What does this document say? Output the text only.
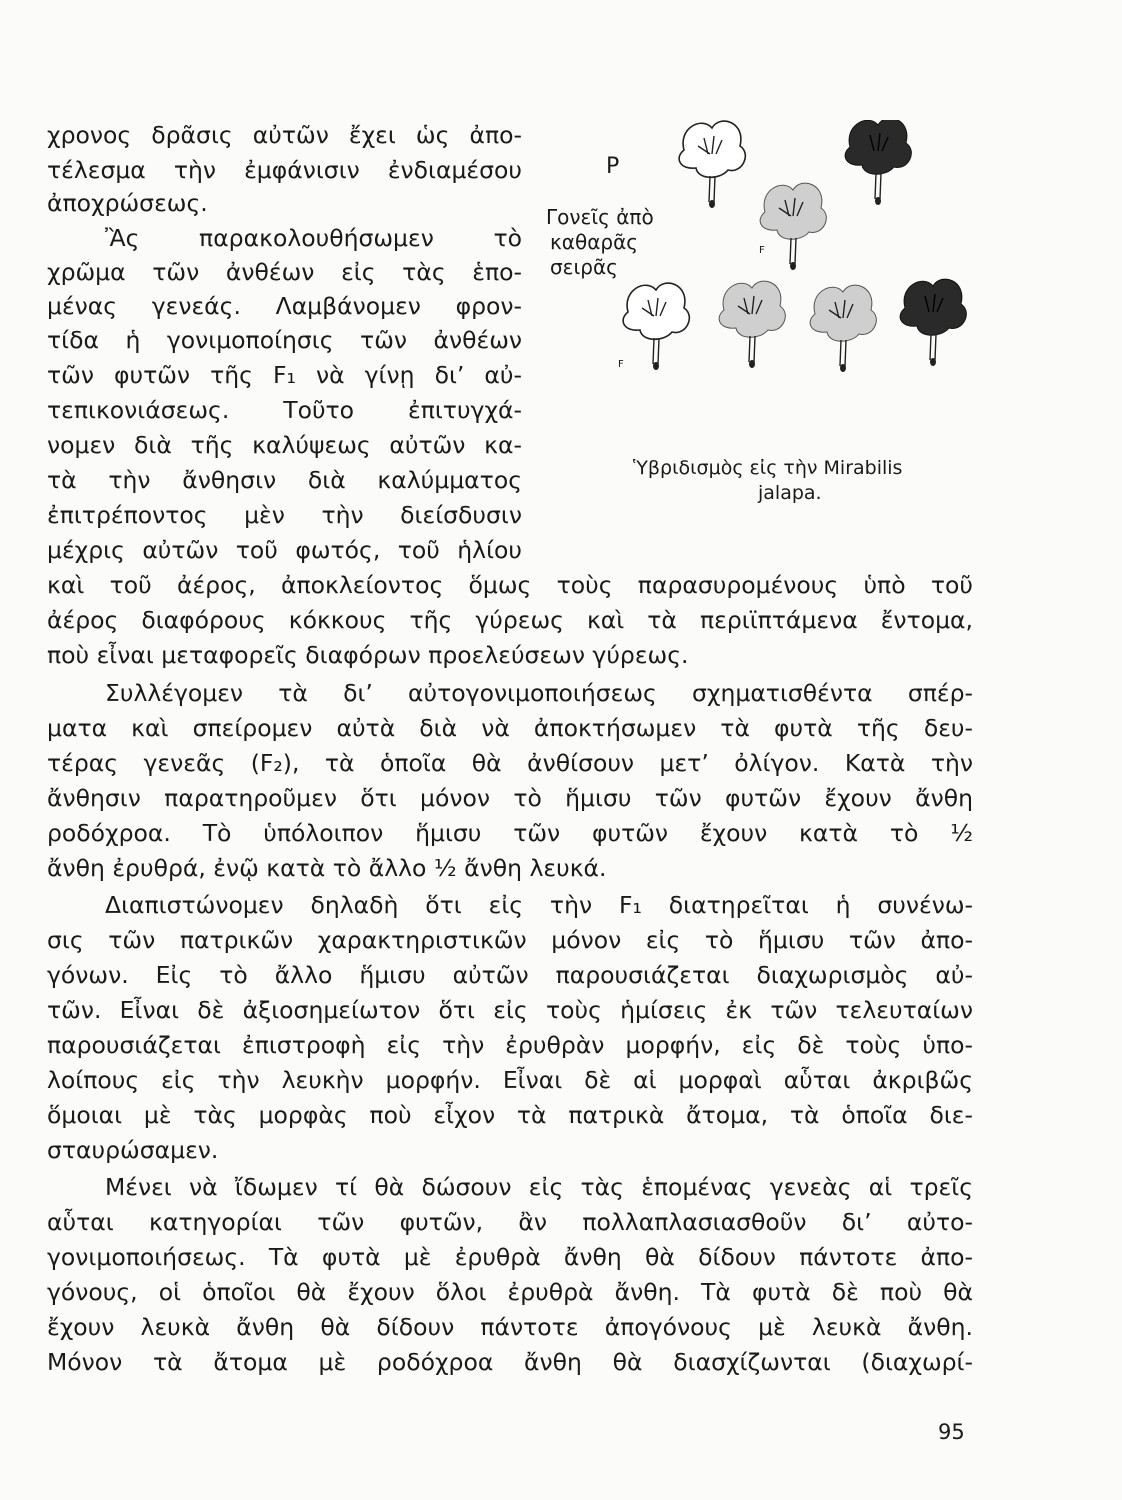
χρονος δρᾶσις αὐτῶν ἔχει ὡς ἀπο-

τέλεσμα τὴν ἐμφάνισιν ἐνδιαμέσου

ἀποχρώσεως.

Ἂς παρακολουθήσωμεν τὸ

χρῶμα τῶν ἀνθέων εἰς τὰς ἑπο-

μένας γενεάς. Λαμβάνομεν φρον-

τίδα ἡ γονιμοποίησις τῶν ἀνθέων

τῶν φυτῶν τῆς F₁ νὰ γίνῃ δι’ αὐ-

τεπικονιάσεως. Τοῦτο ἐπιτυγχά-

νομεν διὰ τῆς καλύψεως αὐτῶν κα-

τὰ τὴν ἄνθησιν διὰ καλύμματος

ἐπιτρέποντος μὲν τὴν διείσδυσιν

μέχρις αὐτῶν τοῦ φωτός, τοῦ ἡλίου

καὶ τοῦ ἀέρος, ἀποκλείοντος ὅμως τοὺς παρασυρομένους ὑπὸ τοῦ

ἀέρος διαφόρους κόκκους τῆς γύρεως καὶ τὰ περιϊπτάμενα ἔντομα,

ποὺ εἶναι μεταφορεῖς διαφόρων προελεύσεων γύρεως.

Συλλέγομεν τὰ δι’ αὐτογονιμοποιήσεως σχηματισθέντα σπέρ-

ματα καὶ σπείρομεν αὐτὰ διὰ νὰ ἀποκτήσωμεν τὰ φυτὰ τῆς δευ-

τέρας γενεᾶς (F₂), τὰ ὁποῖα θὰ ἀνθίσουν μετ’ ὀλίγον. Κατὰ τὴν

ἄνθησιν παρατηροῦμεν ὅτι μόνον τὸ ἥμισυ τῶν φυτῶν ἔχουν ἄνθη

ροδόχροα. Τὸ ὑπόλοιπον ἥμισυ τῶν φυτῶν ἔχουν κατὰ τὸ ½

ἄνθη ἐρυθρά, ἐνῷ κατὰ τὸ ἄλλο ½ ἄνθη λευκά.

Διαπιστώνομεν δηλαδὴ ὅτι εἰς τὴν F₁ διατηρεῖται ἡ συνένω-

σις τῶν πατρικῶν χαρακτηριστικῶν μόνον εἰς τὸ ἥμισυ τῶν ἀπο-

γόνων. Εἰς τὸ ἄλλο ἥμισυ αὐτῶν παρουσιάζεται διαχωρισμὸς αὐ-

τῶν. Εἶναι δὲ ἀξιοσημείωτον ὅτι εἰς τοὺς ἡμίσεις ἐκ τῶν τελευταίων

παρουσιάζεται ἐπιστροφὴ εἰς τὴν ἐρυθρὰν μορφήν, εἰς δὲ τοὺς ὑπο-

λοίπους εἰς τὴν λευκὴν μορφήν. Εἶναι δὲ αἱ μορφαὶ αὗται ἀκριβῶς

ὅμοιαι μὲ τὰς μορφὰς ποὺ εἶχον τὰ πατρικὰ ἄτομα, τὰ ὁποῖα διε-

σταυρώσαμεν.

Μένει νὰ ἴδωμεν τί θὰ δώσουν εἰς τὰς ἑπομένας γενεὰς αἱ τρεῖς

αὗται κατηγορίαι τῶν φυτῶν, ἂν πολλαπλασιασθοῦν δι’ αὐτο-

γονιμοποιήσεως. Τὰ φυτὰ μὲ ἐρυθρὰ ἄνθη θὰ δίδουν πάντοτε ἀπο-

γόνους, οἱ ὁποῖοι θὰ ἔχουν ὅλοι ἐρυθρὰ ἄνθη. Τὰ φυτὰ δὲ ποὺ θὰ

ἔχουν λευκὰ ἄνθη θὰ δίδουν πάντοτε ἀπογόνους μὲ λευκὰ ἄνθη.

Μόνον τὰ ἄτομα μὲ ροδόχροα ἄνθη θὰ διασχίζωνται (διαχωρί-

P

Γονεῖς ἀπὸ

καθαρᾶς

σειρᾶς

F

F

Ὑβριδισμὸς εἰς τὴν Mirabilis

jalapa.

95
